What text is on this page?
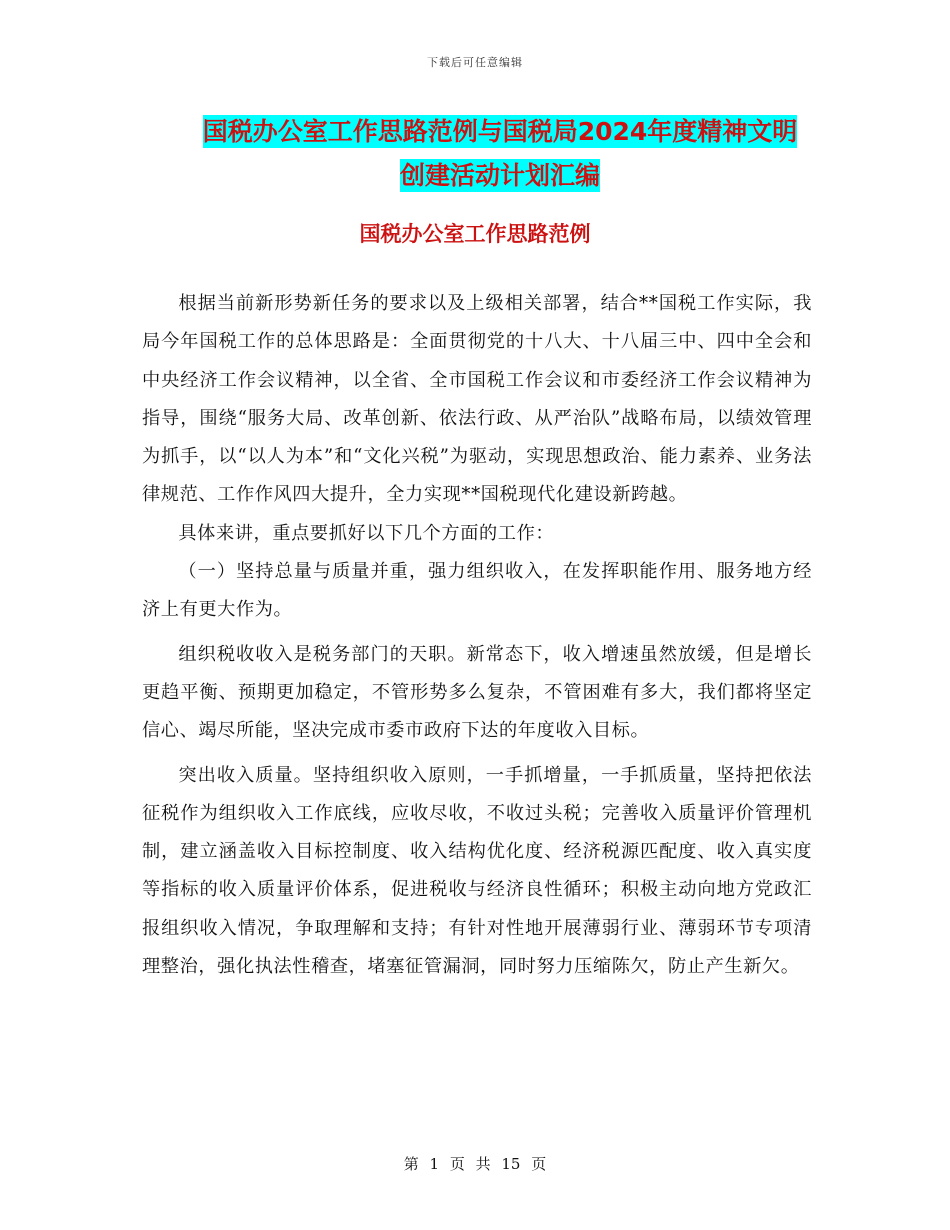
下载后可任意编辑
国税办公室工作思路范例与国税局2024年度精神文明
创建活动计划汇编
国税办公室工作思路范例

根据当前新形势新任务的要求以及上级相关部署，结合**国税工作实际，我局今年国税工作的总体思路是：全面贯彻党的十八大、十八届三中、四中全会和中央经济工作会议精神，以全省、全市国税工作会议和市委经济工作会议精神为指导，围绕“服务大局、改革创新、依法行政、从严治队”战略布局，以绩效管理为抓手，以“以人为本”和“文化兴税”为驱动，实现思想政治、能力素养、业务法律规范、工作作风四大提升，全力实现**国税现代化建设新跨越。

具体来讲，重点要抓好以下几个方面的工作：

（一）坚持总量与质量并重，强力组织收入，在发挥职能作用、服务地方经济上有更大作为。

组织税收收入是税务部门的天职。新常态下，收入增速虽然放缓，但是增长更趋平衡、预期更加稳定，不管形势多么复杂，不管困难有多大，我们都将坚定信心、竭尽所能，坚决完成市委市政府下达的年度收入目标。

突出收入质量。坚持组织收入原则，一手抓增量，一手抓质量，坚持把依法征税作为组织收入工作底线，应收尽收，不收过头税；完善收入质量评价管理机制，建立涵盖收入目标控制度、收入结构优化度、经济税源匹配度、收入真实度等指标的收入质量评价体系，促进税收与经济良性循环；积极主动向地方党政汇报组织收入情况，争取理解和支持；有针对性地开展薄弱行业、薄弱环节专项清理整治，强化执法性稽查，堵塞征管漏洞，同时努力压缩陈欠，防止产生新欠。

第 1 页 共 15 页
